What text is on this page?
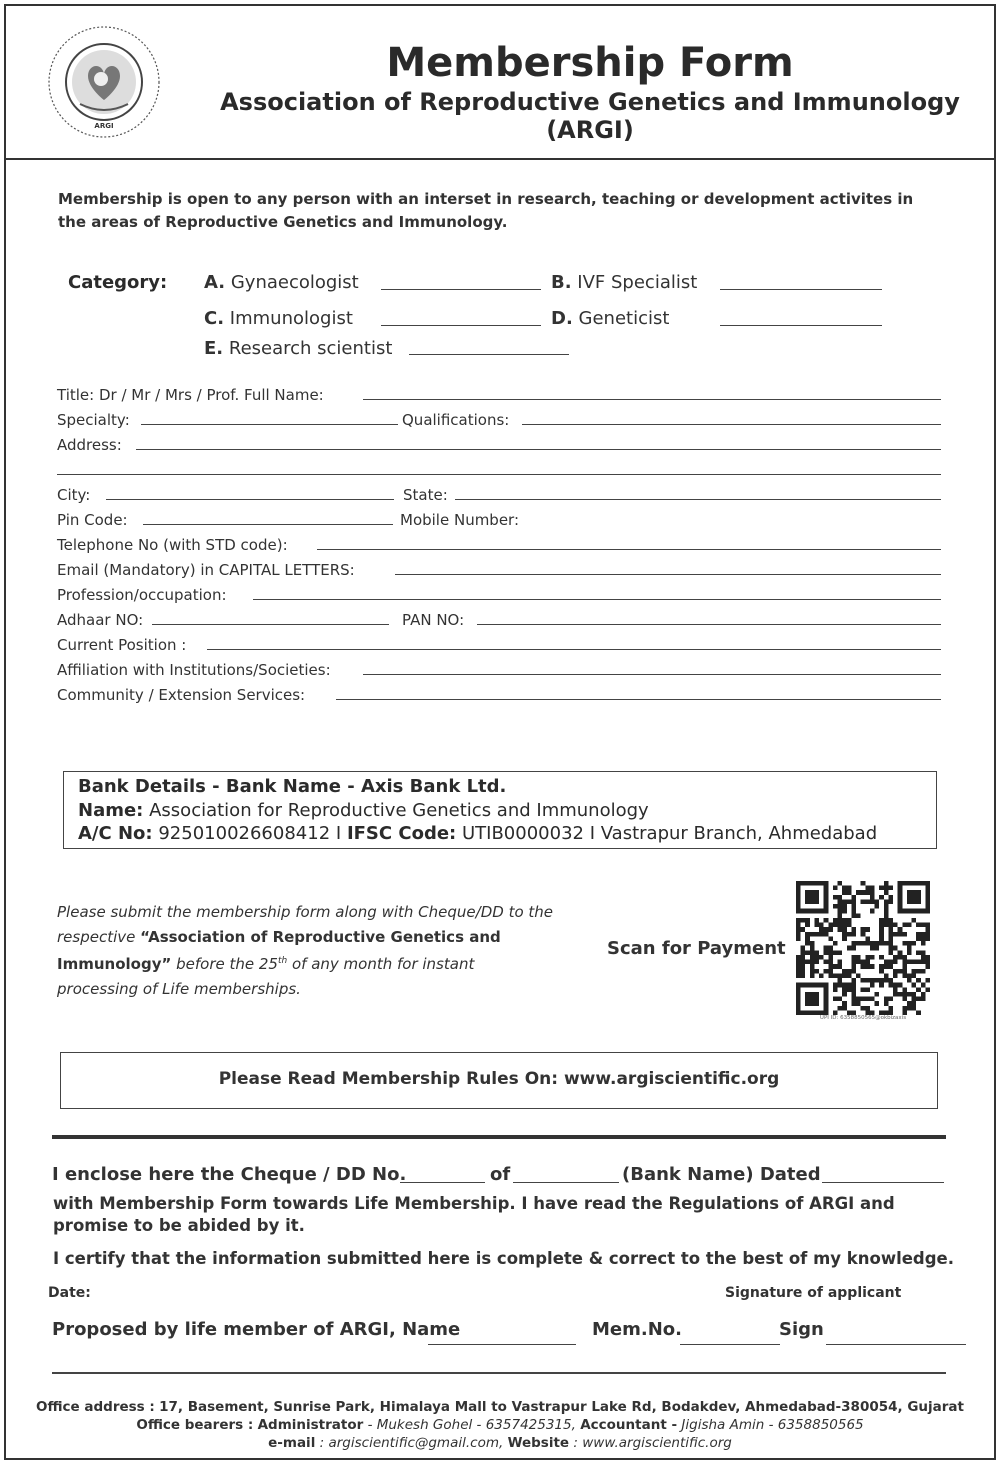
ARGI
Membership Form
Association of Reproductive Genetics and Immunology (ARGI)
Membership is open to any person with an interset in research, teaching or development activites in the areas of Reproductive Genetics and Immunology.
Category: A. Gynaecologist	B. IVF Specialist
C. Immunologist	D. Geneticist
E. Research scientist
Title: Dr / Mr / Mrs / Prof. Full Name:
Specialty:	Qualifications:
Address:
City:	State:
Pin Code:	Mobile Number:
Telephone No (with STD code):
Email (Mandatory) in CAPITAL LETTERS:
Profession/occupation:
Adhaar NO:	PAN NO:
Current Position :
Affiliation with Institutions/Societies:
Community / Extension Services:
Bank Details - Bank Name - Axis Bank Ltd.
Name: Association for Reproductive Genetics and Immunology
A/C No: 925010026608412 I IFSC Code: UTIB0000032 I Vastrapur Branch, Ahmedabad
Please submit the membership form along with Cheque/DD to the respective “Association of Reproductive Genetics and Immunology” before the 25th of any month for instant processing of Life memberships.
Scan for Payment
UPI ID: 6358850565@okbizaxis
Please Read Membership Rules On: www.argiscientific.org
I enclose here the Cheque / DD No.	of	(Bank Name) Dated
with Membership Form towards Life Membership. I have read the Regulations of ARGI and promise to be abided by it.
I certify that the information submitted here is complete & correct to the best of my knowledge.
Date:	Signature of applicant
Proposed by life member of ARGI, Name	Mem.No.	Sign
Office address : 17, Basement, Sunrise Park, Himalaya Mall to Vastrapur Lake Rd, Bodakdev, Ahmedabad-380054, Gujarat
Office bearers : Administrator - Mukesh Gohel - 6357425315, Accountant - Jigisha Amin - 6358850565
e-mail : argiscientific@gmail.com, Website : www.argiscientific.org
